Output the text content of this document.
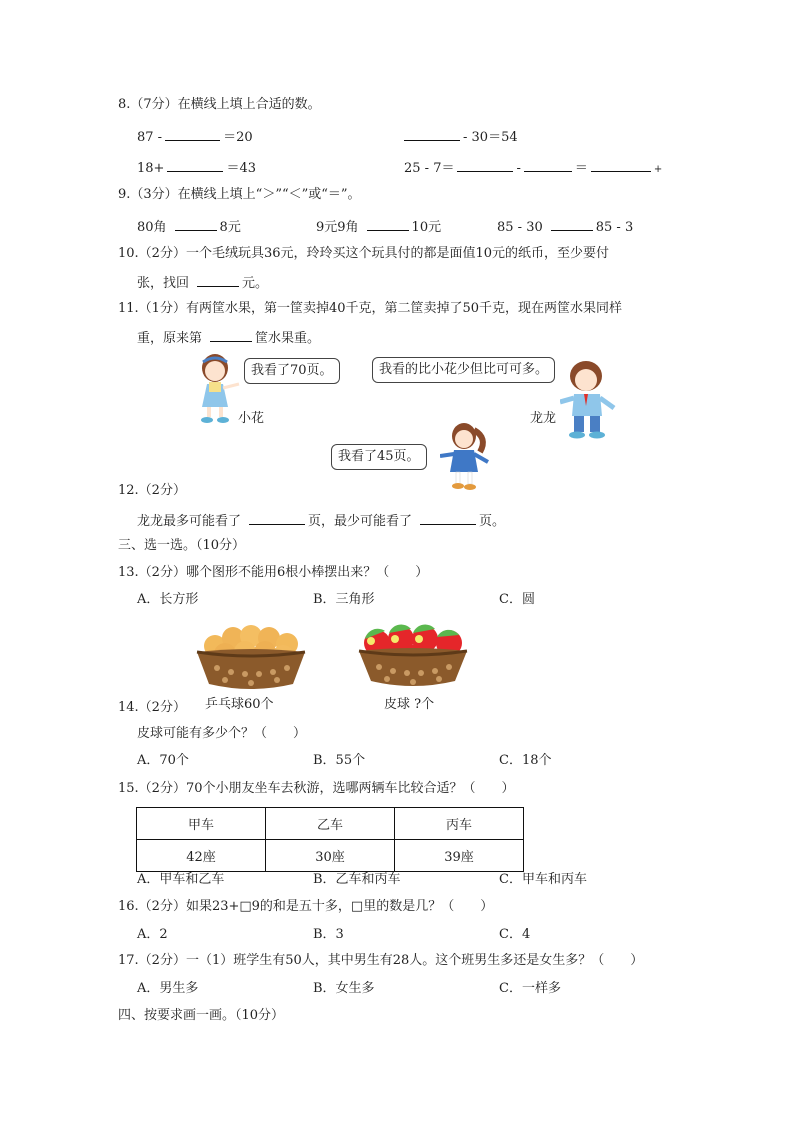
8.（7分）在横线上填上合适的数。
87 -	＝20	- 30＝54
18+	＝43	25 - 7＝	-	＝	+
9.（3分）在横线上填上“＞”“＜”或“＝”。
80角	8元	9元9角	10元	85 - 30	85 - 3
10.（2分）一个毛绒玩具36元，玲玲买这个玩具付的都是面值10元的纸币，至少要付
张，找回	元。
11.（1分）有两筐水果，第一筐卖掉40千克，第二筐卖掉了50千克，现在两筐水果同样
重，原来第	筐水果重。
我看了70页。
小花
我看的比小花少但比可可多。
龙龙
我看了45页。
12.（2分）
龙龙最多可能看了	页，最少可能看了	页。
三、选一选。（10分）
13.（2分）哪个图形不能用6根小棒摆出来？（　　）
A．长方形	B．三角形	C．圆
14.（2分） 乒乓球60个	皮球 ?个
皮球可能有多少个？（　　）
A．70个	B．55个	C．18个
15.（2分）70个小朋友坐车去秋游，选哪两辆车比较合适？（　　）
甲车	乙车	丙车
42座	30座	39座
A．甲车和乙车	B．乙车和丙车	C．甲车和丙车
16.（2分）如果23+□9的和是五十多，□里的数是几？（　　）
A．2	B．3	C．4
17.（2分）一（1）班学生有50人，其中男生有28人。这个班男生多还是女生多？（　　）
A．男生多	B．女生多	C．一样多
四、按要求画一画。（10分）
